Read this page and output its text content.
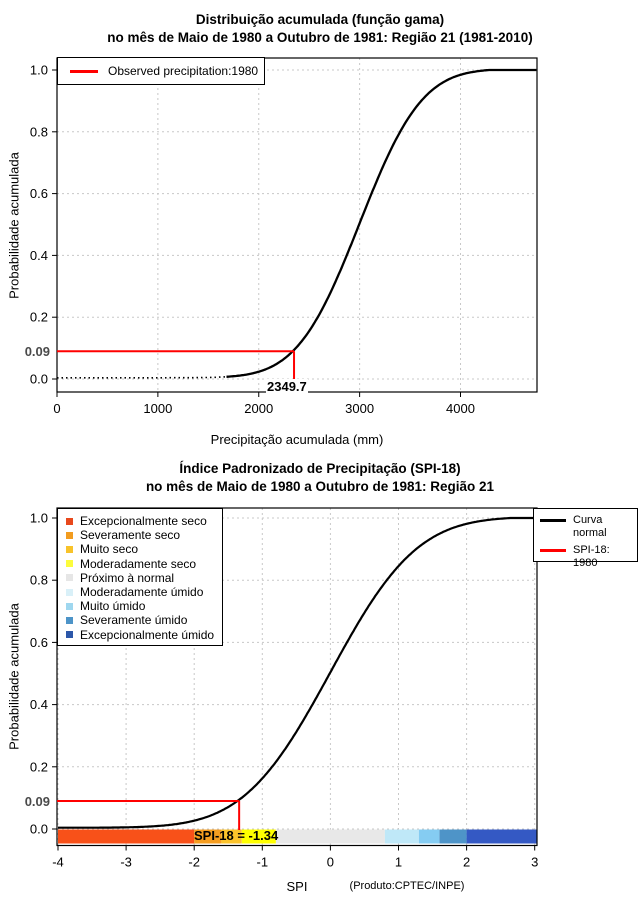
0	1000	2000	3000	4000
1.0
0.8
0.6
0.4
0.2
0.0
Distribuição acumulada (função gama)
no mês de Maio de 1980 a Outubro de 1981: Região 21 (1981-2010)
Observed precipitation:1980
0.09
2349.7
Precipitação acumulada (mm)
Probabilidade acumulada
-4	-3	-2	-1	0	1	2	3
1.0
0.8
0.6
0.4
0.2
0.0
Índice Padronizado de Precipitação (SPI-18)
no mês de Maio de 1980 a Outubro de 1981: Região 21
Excepcionalmente seco
Severamente seco
Muito seco
Moderadamente seco
Próximo à normal
Moderadamente úmido
Muito úmido
Severamente úmido
Excepcionalmente úmido
Curva normal
SPI-18: 1980
0.09
SPI-18 = -1.34
SPI
Probabilidade acumulada
(Produto:CPTEC/INPE)
